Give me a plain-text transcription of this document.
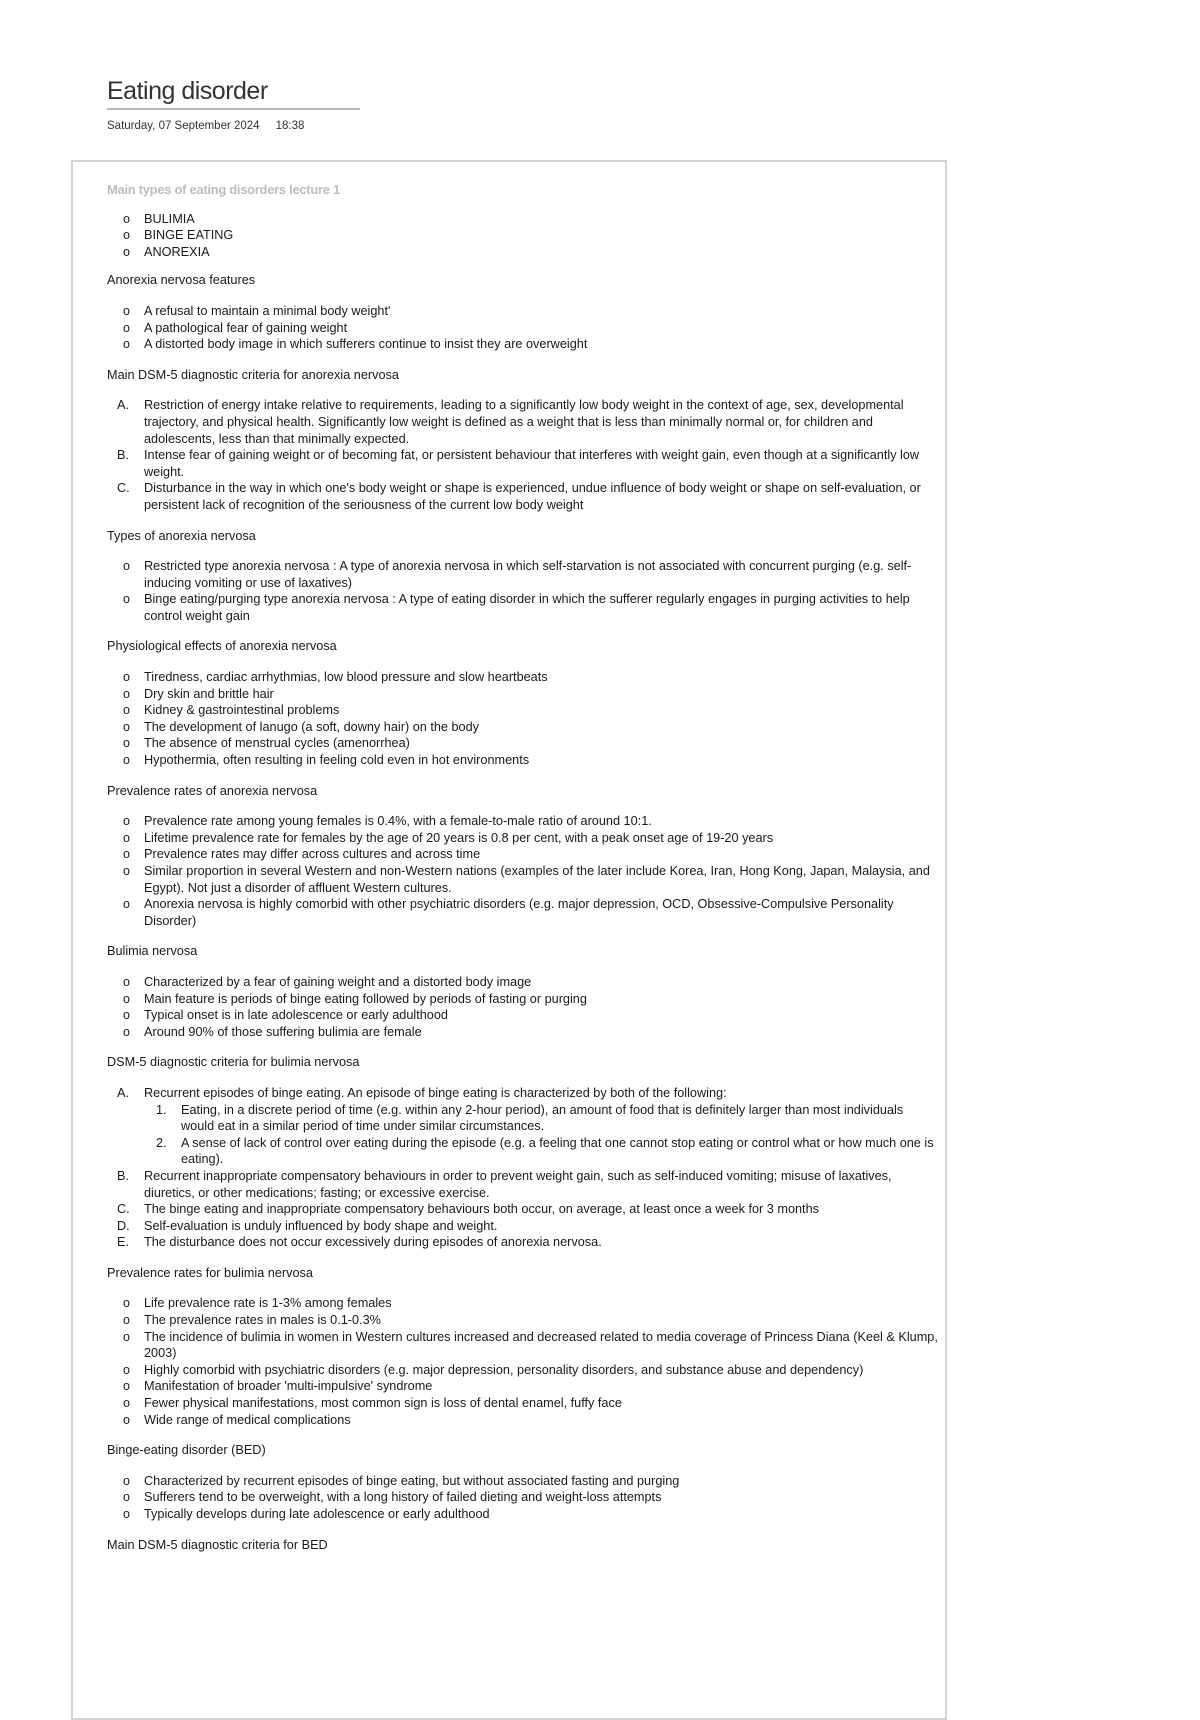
Eating disorder
Saturday, 07 September 2024 18:38
Main types of eating disorders lecture 1
o BULIMIA
o BINGE EATING
o ANOREXIA
Anorexia nervosa features
o A refusal to maintain a minimal body weight'
o A pathological fear of gaining weight
o A distorted body image in which sufferers continue to insist they are overweight
Main DSM-5 diagnostic criteria for anorexia nervosa
A. Restriction of energy intake relative to requirements, leading to a significantly low body weight in the context of age, sex, developmental trajectory, and physical health. Significantly low weight is defined as a weight that is less than minimally normal or, for children and adolescents, less than that minimally expected.
B. Intense fear of gaining weight or of becoming fat, or persistent behaviour that interferes with weight gain, even though at a significantly low weight.
C. Disturbance in the way in which one's body weight or shape is experienced, undue influence of body weight or shape on self-evaluation, or persistent lack of recognition of the seriousness of the current low body weight
Types of anorexia nervosa
o Restricted type anorexia nervosa : A type of anorexia nervosa in which self-starvation is not associated with concurrent purging (e.g. self-inducing vomiting or use of laxatives)
o Binge eating/purging type anorexia nervosa : A type of eating disorder in which the sufferer regularly engages in purging activities to help control weight gain
Physiological effects of anorexia nervosa
o Tiredness, cardiac arrhythmias, low blood pressure and slow heartbeats
o Dry skin and brittle hair
o Kidney & gastrointestinal problems
o The development of lanugo (a soft, downy hair) on the body
o The absence of menstrual cycles (amenorrhea)
o Hypothermia, often resulting in feeling cold even in hot environments
Prevalence rates of anorexia nervosa
o Prevalence rate among young females is 0.4%, with a female-to-male ratio of around 10:1.
o Lifetime prevalence rate for females by the age of 20 years is 0.8 per cent, with a peak onset age of 19-20 years
o Prevalence rates may differ across cultures and across time
o Similar proportion in several Western and non-Western nations (examples of the later include Korea, Iran, Hong Kong, Japan, Malaysia, and Egypt). Not just a disorder of affluent Western cultures.
o Anorexia nervosa is highly comorbid with other psychiatric disorders (e.g. major depression, OCD, Obsessive-Compulsive Personality Disorder)
Bulimia nervosa
o Characterized by a fear of gaining weight and a distorted body image
o Main feature is periods of binge eating followed by periods of fasting or purging
o Typical onset is in late adolescence or early adulthood
o Around 90% of those suffering bulimia are female
DSM-5 diagnostic criteria for bulimia nervosa
A. Recurrent episodes of binge eating. An episode of binge eating is characterized by both of the following:
1. Eating, in a discrete period of time (e.g. within any 2-hour period), an amount of food that is definitely larger than most individuals would eat in a similar period of time under similar circumstances.
2. A sense of lack of control over eating during the episode (e.g. a feeling that one cannot stop eating or control what or how much one is eating).
B. Recurrent inappropriate compensatory behaviours in order to prevent weight gain, such as self-induced vomiting; misuse of laxatives, diuretics, or other medications; fasting; or excessive exercise.
C. The binge eating and inappropriate compensatory behaviours both occur, on average, at least once a week for 3 months
D. Self-evaluation is unduly influenced by body shape and weight.
E. The disturbance does not occur excessively during episodes of anorexia nervosa.
Prevalence rates for bulimia nervosa
o Life prevalence rate is 1-3% among females
o The prevalence rates in males is 0.1-0.3%
o The incidence of bulimia in women in Western cultures increased and decreased related to media coverage of Princess Diana (Keel & Klump, 2003)
o Highly comorbid with psychiatric disorders (e.g. major depression, personality disorders, and substance abuse and dependency)
o Manifestation of broader 'multi-impulsive' syndrome
o Fewer physical manifestations, most common sign is loss of dental enamel, fuffy face
o Wide range of medical complications
Binge-eating disorder (BED)
o Characterized by recurrent episodes of binge eating, but without associated fasting and purging
o Sufferers tend to be overweight, with a long history of failed dieting and weight-loss attempts
o Typically develops during late adolescence or early adulthood
Main DSM-5 diagnostic criteria for BED
